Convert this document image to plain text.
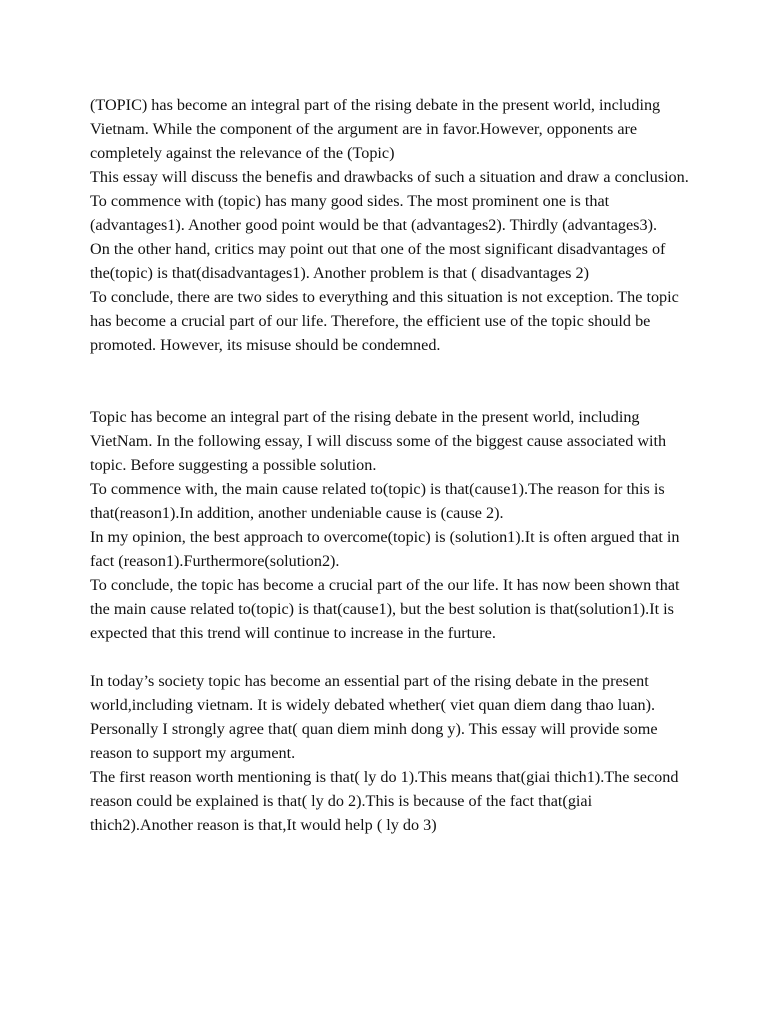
(TOPIC) has become an integral part of the rising debate in the present world, including Vietnam. While the component of the argument are in favor.However, opponents are completely against the relevance of the (Topic)

This essay will discuss the benefis and drawbacks of such a situation and draw a conclusion.

To commence with (topic) has many good sides. The most prominent one is that (advantages1). Another good point would be that (advantages2). Thirdly (advantages3).

On the other hand, critics may point out that one of the most significant disadvantages of the(topic) is that(disadvantages1). Another problem is that ( disadvantages 2)

To conclude, there are two sides to everything and this situation is not exception. The topic has become a crucial part of our life. Therefore, the efficient use of the topic should be promoted. However, its misuse should be condemned.

Topic has become an integral part of the rising debate in the present world, including VietNam. In the following essay, I will discuss some of the biggest cause associated with topic. Before suggesting a possible solution.

To commence with, the main cause related to(topic) is that(cause1).The reason for this is that(reason1).In addition, another undeniable cause is (cause 2).

In my opinion, the best approach to overcome(topic) is (solution1).It is often argued that in fact (reason1).Furthermore(solution2).

To conclude, the topic has become a crucial part of the our life. It has now been shown that the main cause related to(topic) is that(cause1), but the best solution is that(solution1).It is expected that this trend will continue to increase in the furture.

In today’s society topic has become an essential part of the rising debate in the present world,including vietnam. It is widely debated whether( viet quan diem dang thao luan). Personally I strongly agree that( quan diem minh dong y). This essay will provide some reason to support my argument.

The first reason worth mentioning is that( ly do 1).This means that(giai thich1).The second reason could be explained is that( ly do 2).This is because of the fact that(giai thich2).Another reason is that,It would help ( ly do 3)
